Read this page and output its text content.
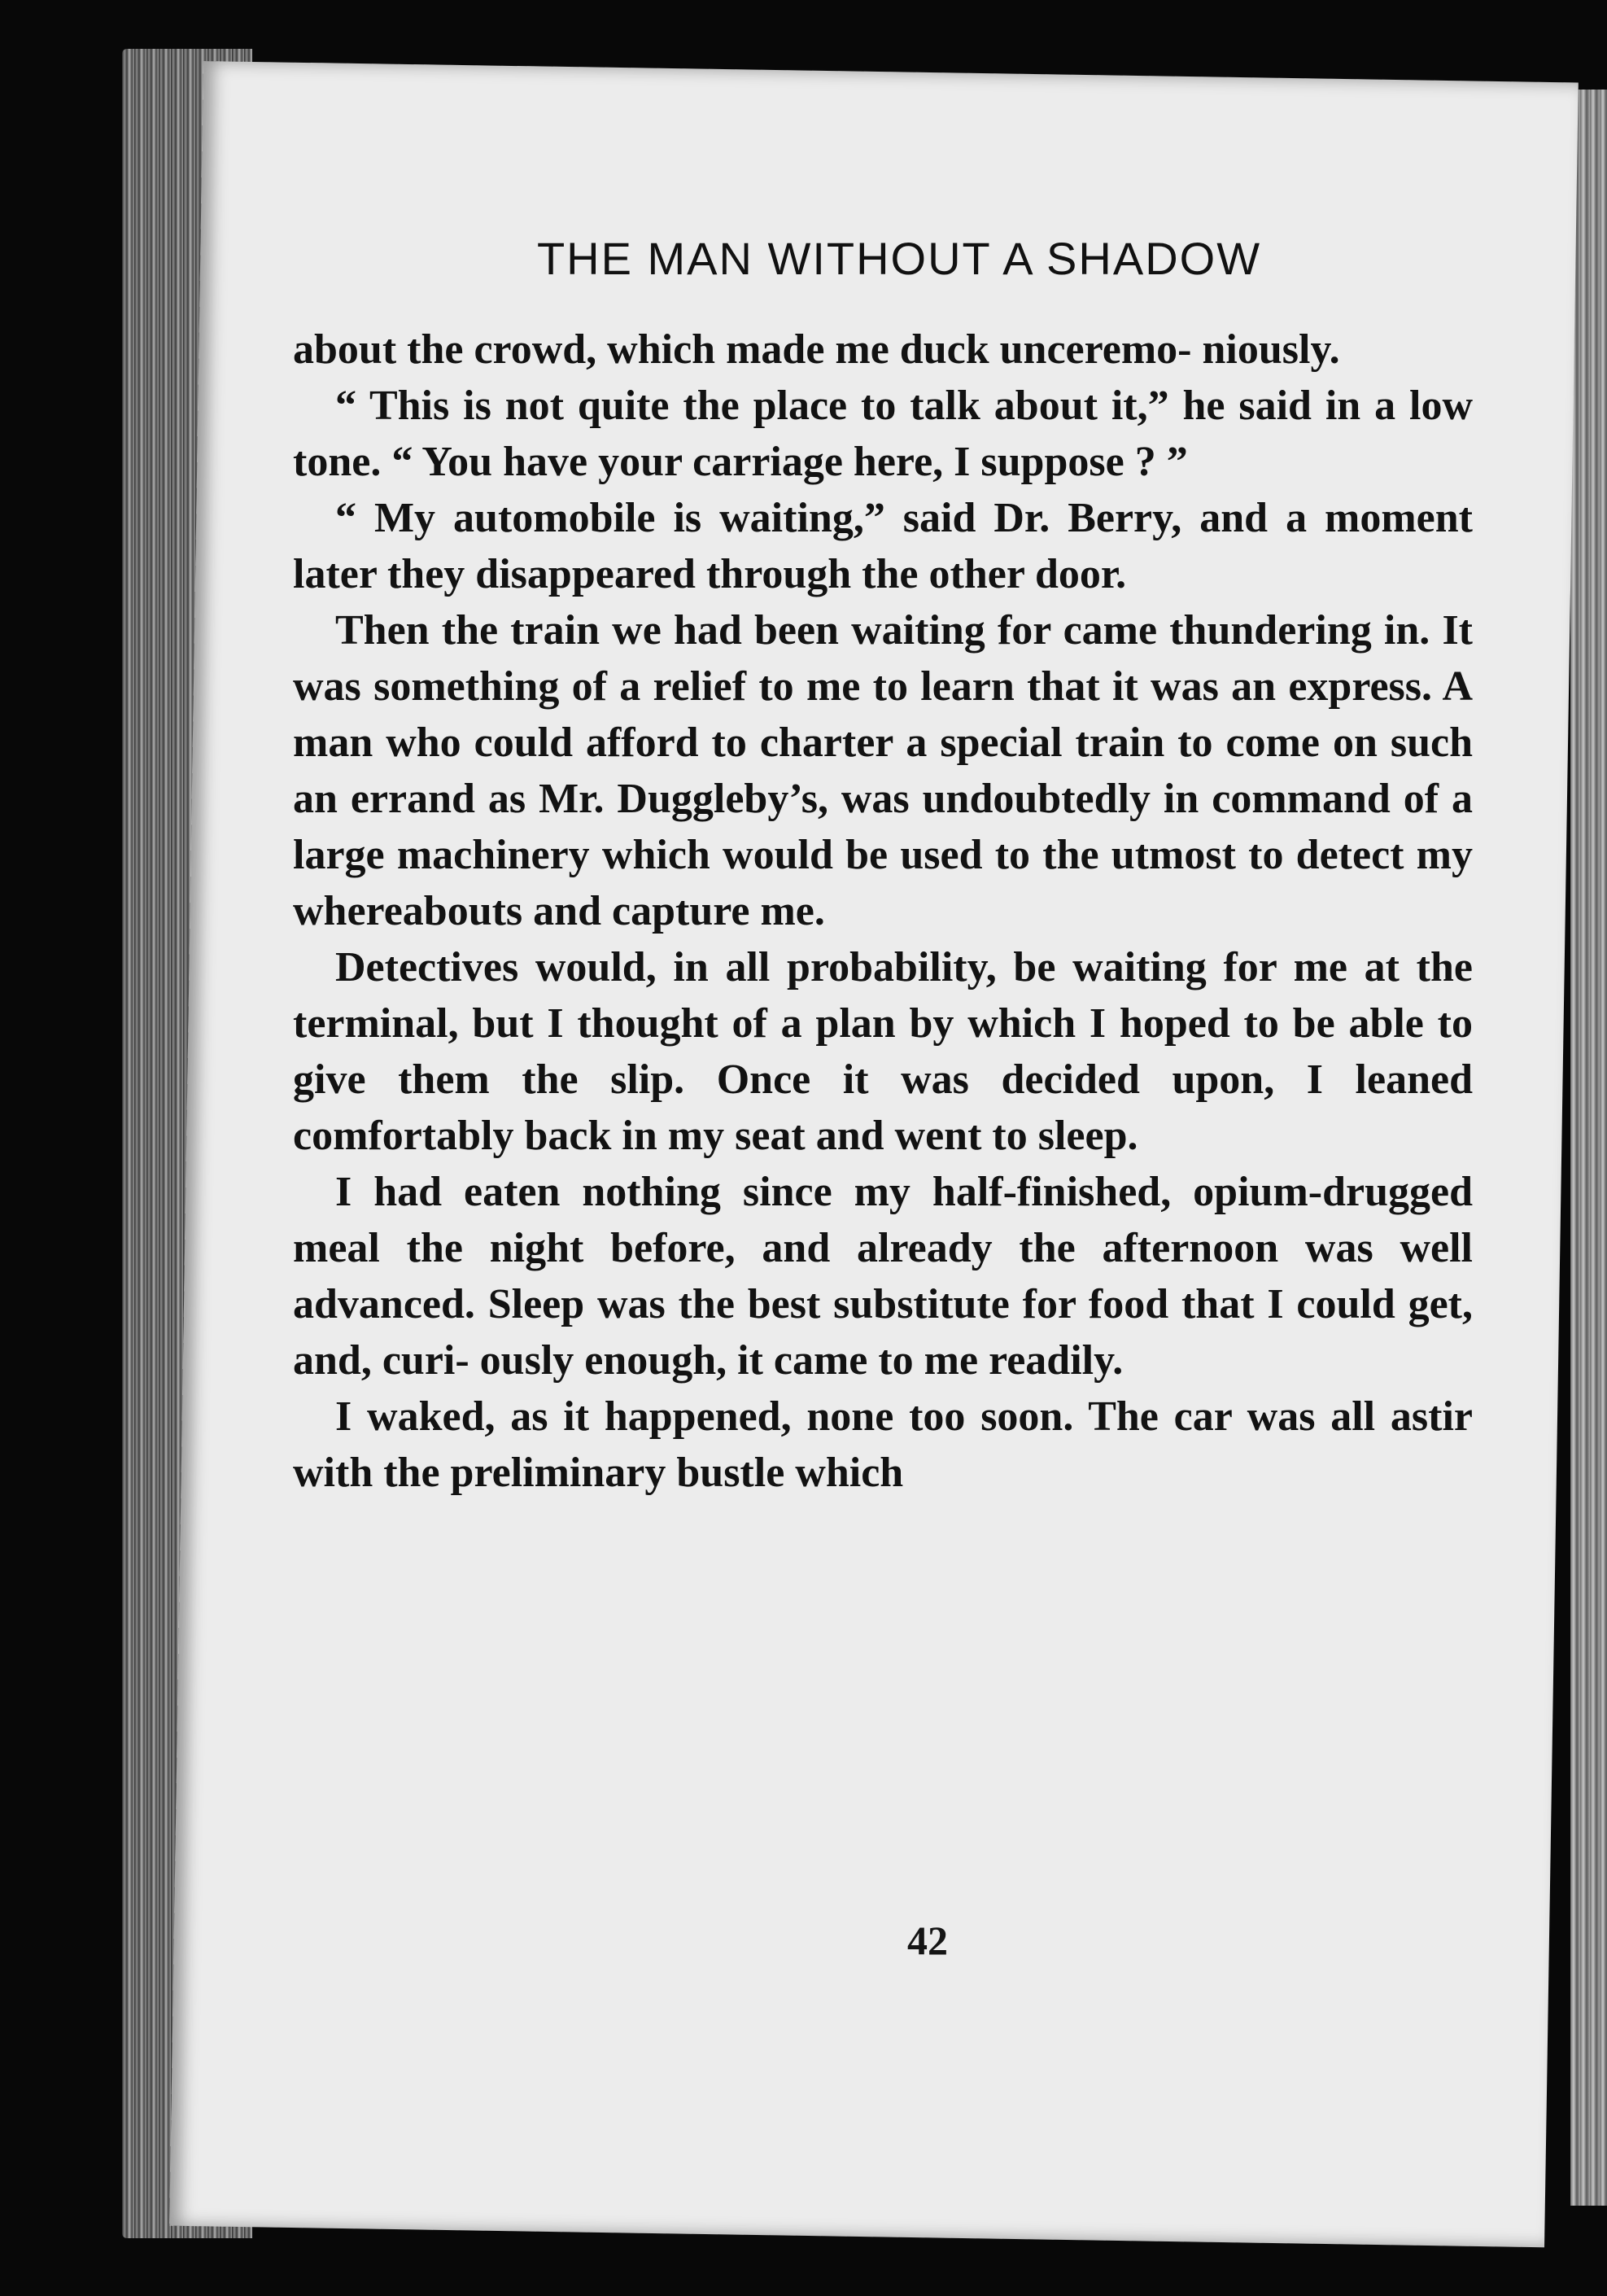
THE MAN WITHOUT A SHADOW

about the crowd, which made me duck unceremo- niously.

“ This is not quite the place to talk about it,” he said in a low tone. “ You have your carriage here, I suppose ? ”

“ My automobile is waiting,” said Dr. Berry, and a moment later they disappeared through the other door.

Then the train we had been waiting for came thundering in. It was something of a relief to me to learn that it was an express. A man who could afford to charter a special train to come on such an errand as Mr. Duggleby’s, was undoubtedly in command of a large machinery which would be used to the utmost to detect my whereabouts and capture me.

Detectives would, in all probability, be waiting for me at the terminal, but I thought of a plan by which I hoped to be able to give them the slip. Once it was decided upon, I leaned comfortably back in my seat and went to sleep.

I had eaten nothing since my half-finished, opium-drugged meal the night before, and already the afternoon was well advanced. Sleep was the best substitute for food that I could get, and, curi- ously enough, it came to me readily.

I waked, as it happened, none too soon. The car was all astir with the preliminary bustle which

42
